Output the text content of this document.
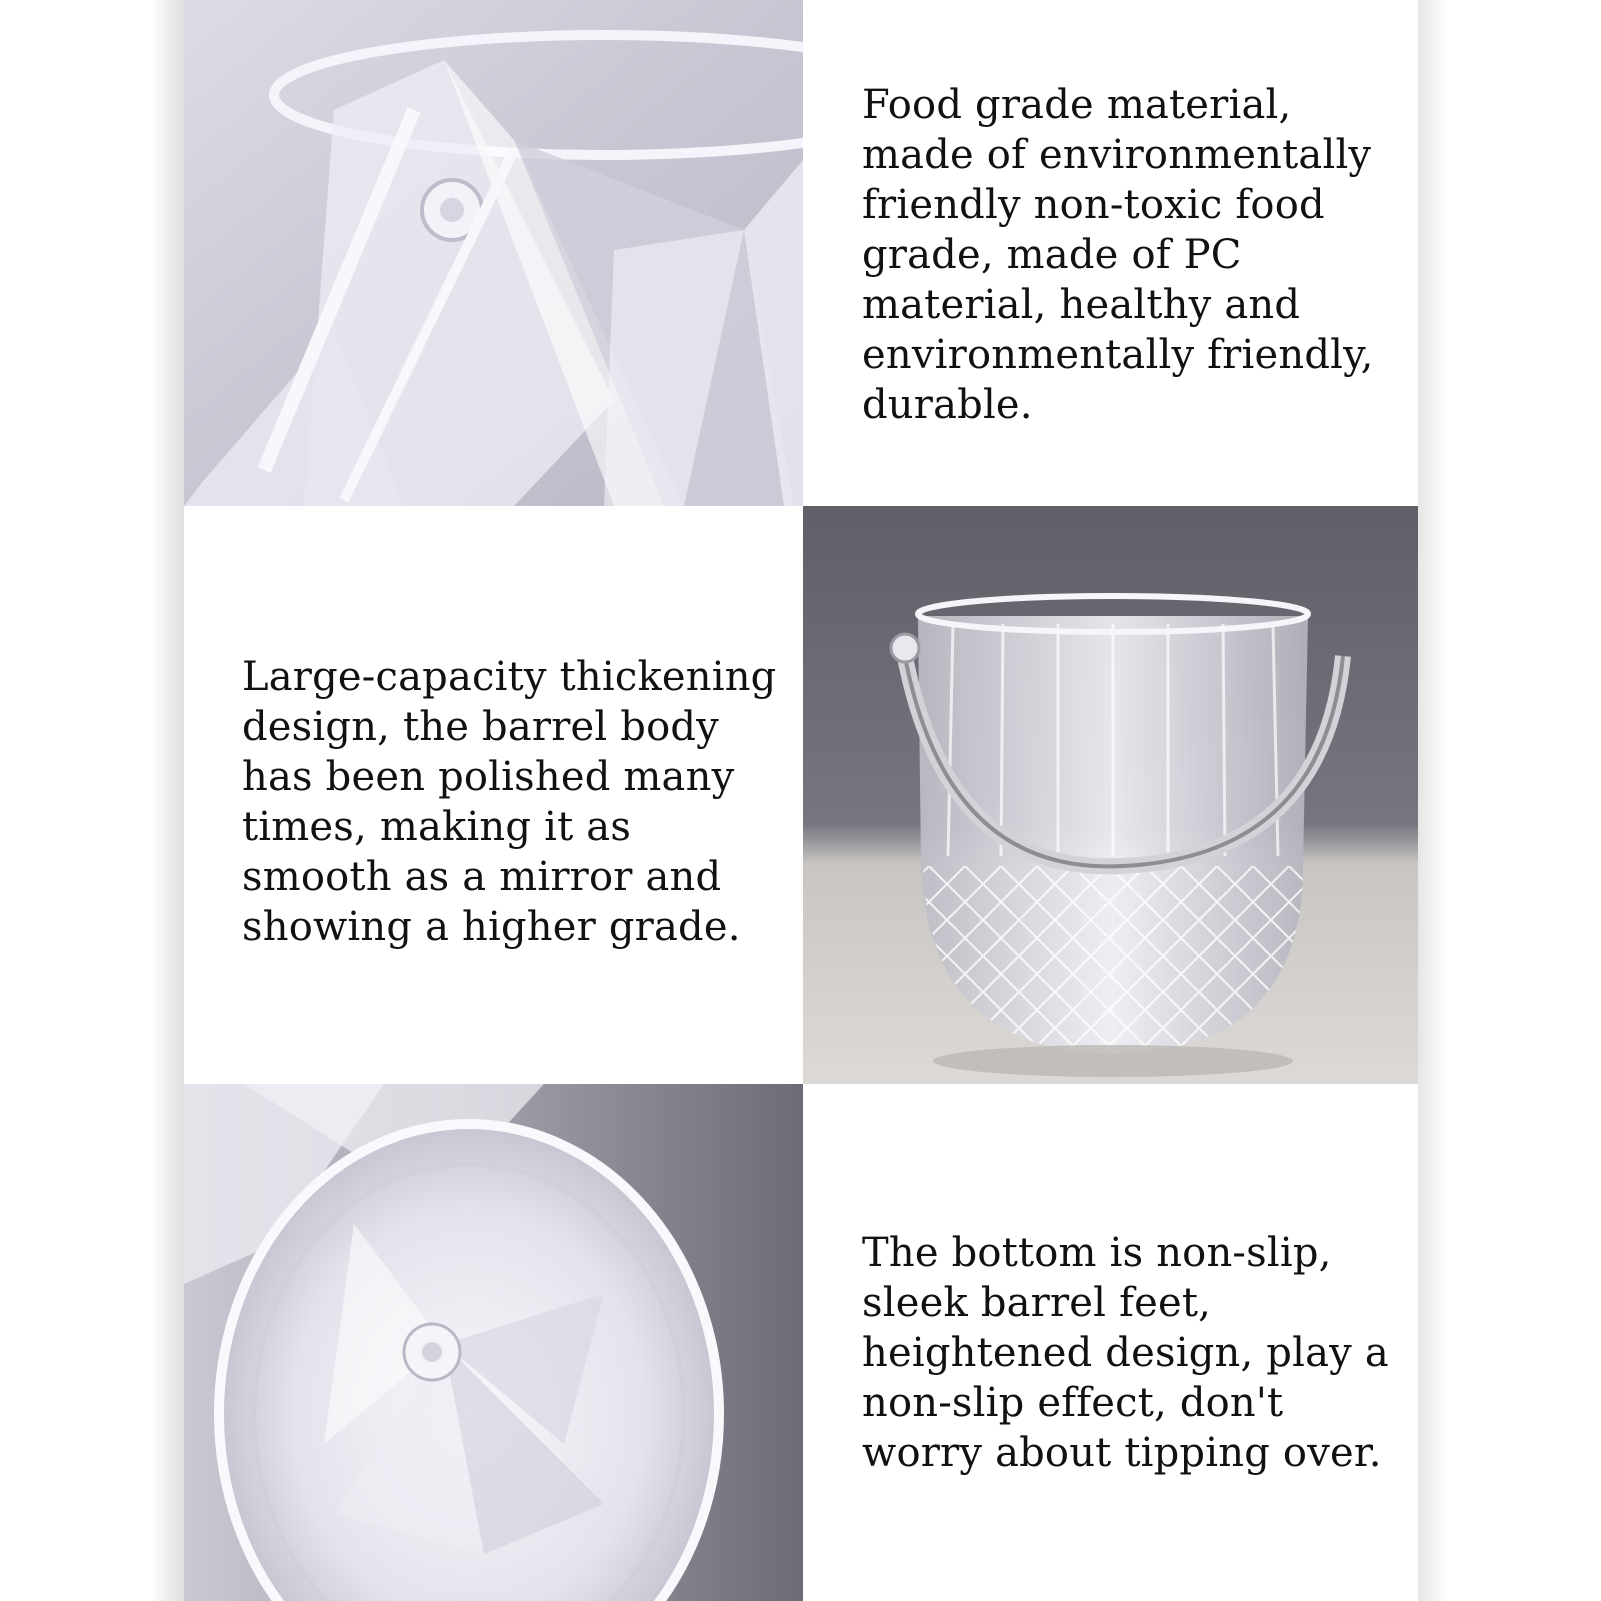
Food grade material,
made of environmentally
friendly non-toxic food
grade, made of PC
material, healthy and
environmentally friendly,
durable.
Large-capacity thickening
design, the barrel body
has been polished many
times, making it as
smooth as a mirror and
showing a higher grade.
The bottom is non-slip,
sleek barrel feet,
heightened design, play a
non-slip effect, don't
worry about tipping over.
